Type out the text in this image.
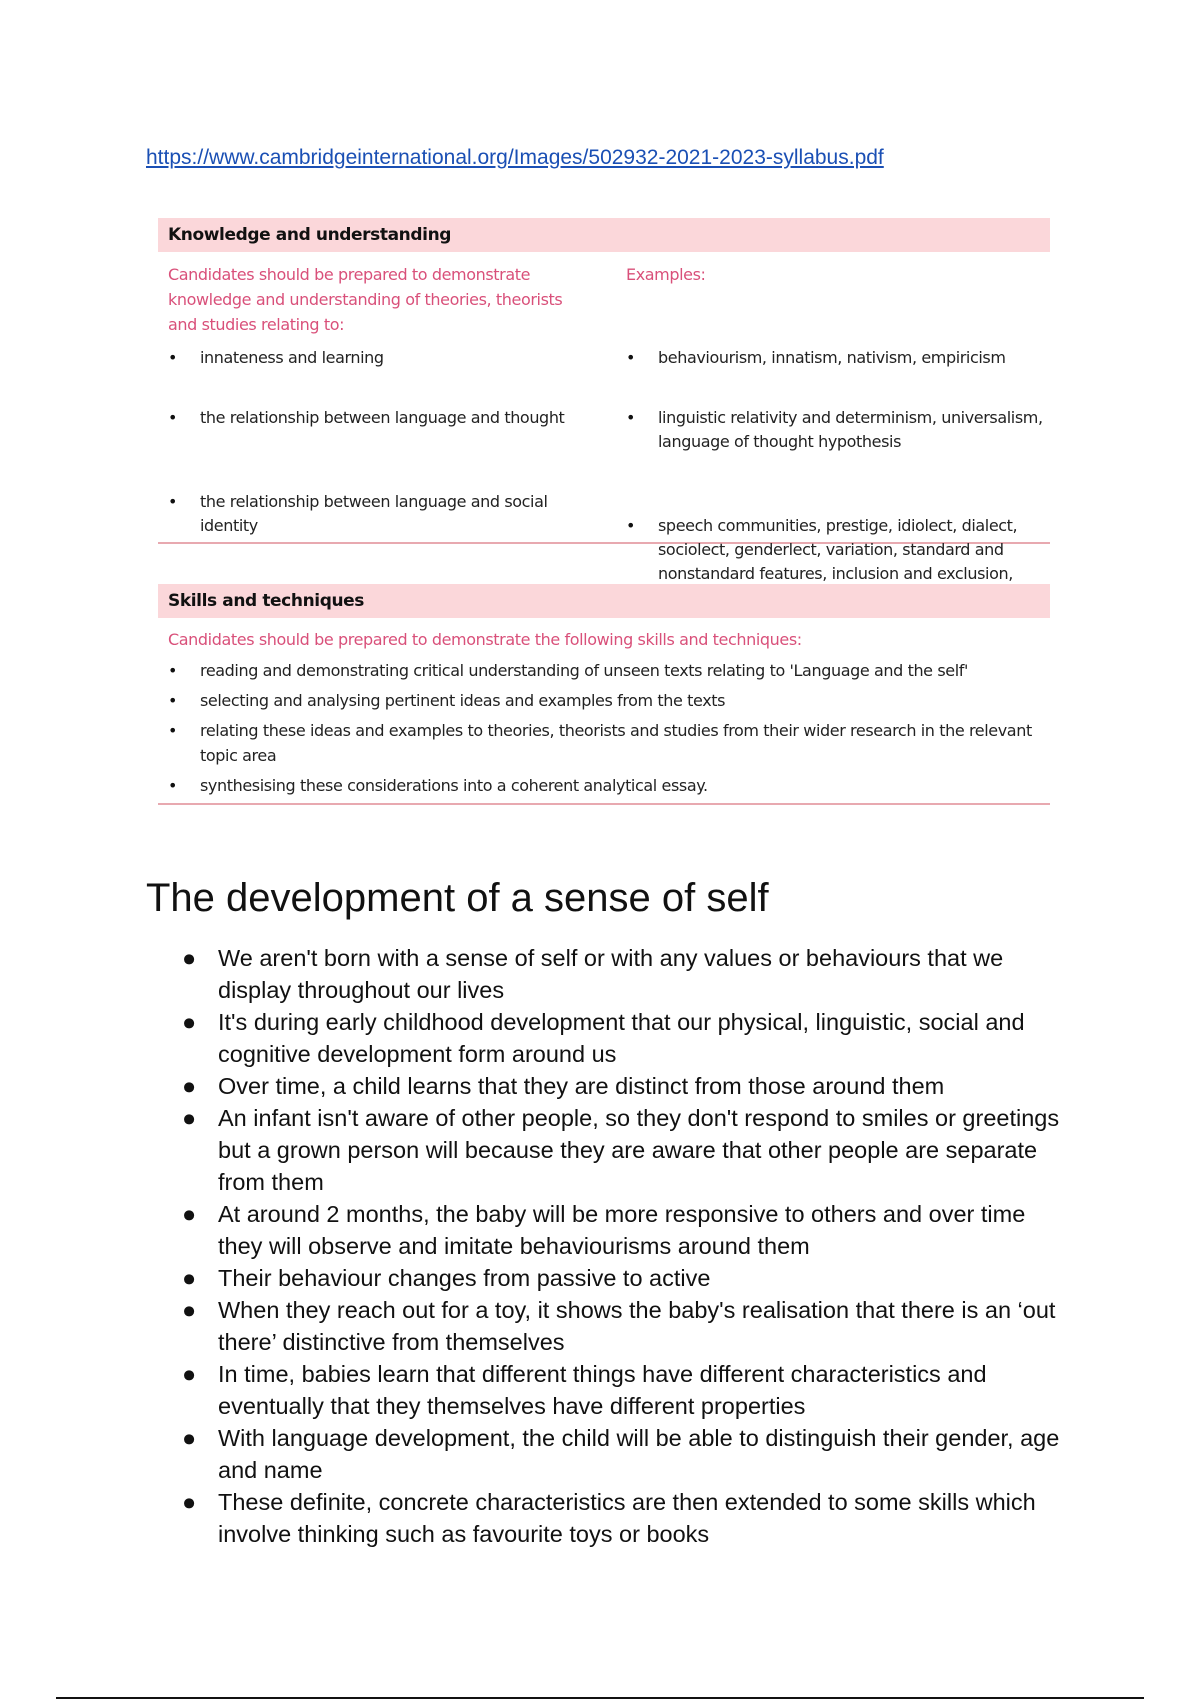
https://www.cambridgeinternational.org/Images/502932-2021-2023-syllabus.pdf
Knowledge and understanding
Candidates should be prepared to demonstrate knowledge and understanding of theories, theorists and studies relating to:
• innateness and learning
• the relationship between language and thought
• the relationship between language and social identity
Examples:
• behaviourism, innatism, nativism, empiricism
• linguistic relativity and determinism, universalism, language of thought hypothesis
• speech communities, prestige, idiolect, dialect, sociolect, genderlect, variation, standard and nonstandard features, inclusion and exclusion,
Skills and techniques
Candidates should be prepared to demonstrate the following skills and techniques:
• reading and demonstrating critical understanding of unseen texts relating to 'Language and the self'
• selecting and analysing pertinent ideas and examples from the texts
• relating these ideas and examples to theories, theorists and studies from their wider research in the relevant topic area
• synthesising these considerations into a coherent analytical essay.
The development of a sense of self
● We aren't born with a sense of self or with any values or behaviours that we display throughout our lives
● It's during early childhood development that our physical, linguistic, social and cognitive development form around us
● Over time, a child learns that they are distinct from those around them
● An infant isn't aware of other people, so they don't respond to smiles or greetings but a grown person will because they are aware that other people are separate from them
● At around 2 months, the baby will be more responsive to others and over time they will observe and imitate behaviourisms around them
● Their behaviour changes from passive to active
● When they reach out for a toy, it shows the baby's realisation that there is an ‘out there’ distinctive from themselves
● In time, babies learn that different things have different characteristics and eventually that they themselves have different properties
● With language development, the child will be able to distinguish their gender, age and name
● These definite, concrete characteristics are then extended to some skills which involve thinking such as favourite toys or books
